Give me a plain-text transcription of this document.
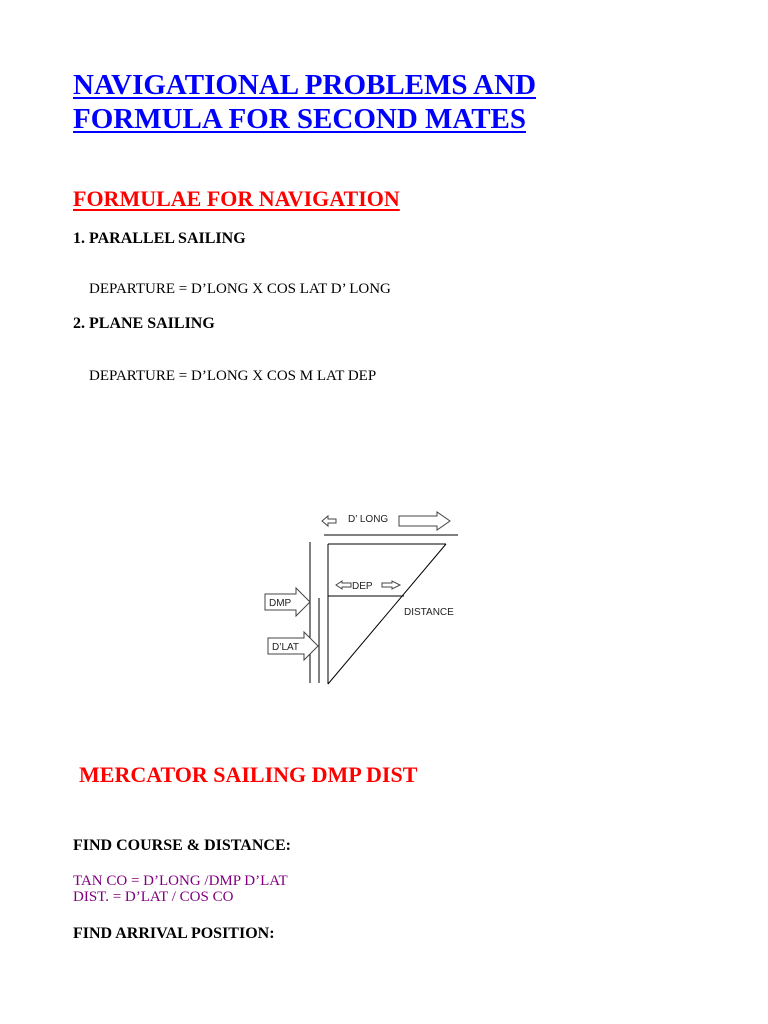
NAVIGATIONAL PROBLEMS AND
FORMULA FOR SECOND MATES
FORMULAE FOR NAVIGATION
1. PARALLEL SAILING
DEPARTURE = D’LONG X COS LAT D’ LONG
2. PLANE SAILING
DEPARTURE = D’LONG X COS M LAT DEP
D’ LONG
DEP
DISTANCE
DMP
D’LAT
MERCATOR SAILING DMP DIST
FIND COURSE & DISTANCE:
TAN CO = D’LONG /DMP D’LAT
DIST. = D’LAT / COS CO
FIND ARRIVAL POSITION:
